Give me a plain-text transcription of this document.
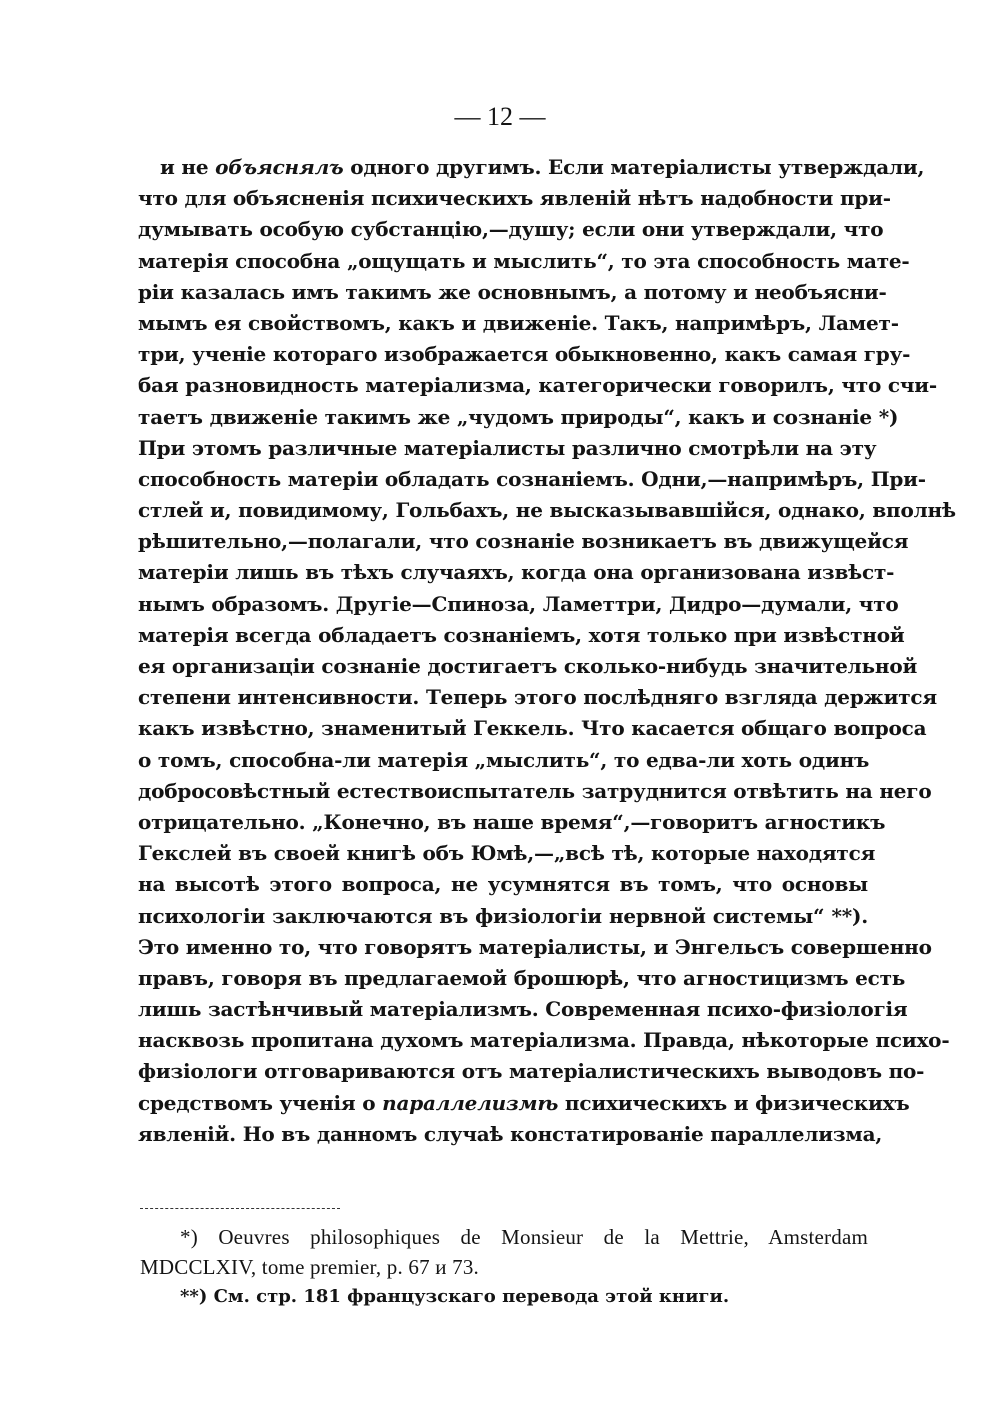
— 12 —
и не объяснялъ одного другимъ. Если матеріалисты утверждали,
что для объясненія психическихъ явленій нѣтъ надобности при-
думывать особую субстанцію,—душу; если они утверждали, что
матерія способна „ощущать и мыслить“, то эта способность мате-
ріи казалась имъ такимъ же основнымъ, а потому и необъясни-
мымъ ея свойствомъ, какъ и движеніе. Такъ, напримѣръ, Ламет-
три, ученіе котораго изображается обыкновенно, какъ самая гру-
бая разновидность матеріализма, категорически говорилъ, что счи-
таетъ движеніе такимъ же „чудомъ природы“, какъ и сознаніе *)
При этомъ различные матеріалисты различно смотрѣли на эту
способность матеріи обладать сознаніемъ. Одни,—напримѣръ, При-
стлей и, повидимому, Гольбахъ, не высказывавшійся, однако, вполнѣ
рѣшительно,—полагали, что сознаніе возникаетъ въ движущейся
матеріи лишь въ тѣхъ случаяхъ, когда она организована извѣст-
нымъ образомъ. Другіе—Спиноза, Ламеттри, Дидро—думали, что
матерія всегда обладаетъ сознаніемъ, хотя только при извѣстной
ея организаціи сознаніе достигаетъ сколько-нибудь значительной
степени интенсивности. Теперь этого послѣдняго взгляда держится
какъ извѣстно, знаменитый Геккель. Что касается общаго вопроса
о томъ, способна-ли матерія „мыслить“, то едва-ли хоть одинъ
добросовѣстный естествоиспытатель затруднится отвѣтить на него
отрицательно. „Конечно, въ наше время“,—говоритъ агностикъ
Гекслей въ своей книгѣ объ Юмѣ,—„всѣ тѣ, которые находятся
на высотѣ этого вопроса, не усумнятся въ томъ, что основы
психологіи заключаются въ физіологіи нервной системы“ **).
Это именно то, что говорятъ матеріалисты, и Энгельсъ совершенно
правъ, говоря въ предлагаемой брошюрѣ, что агностицизмъ есть
лишь застѣнчивый матеріализмъ. Современная психо-физіологія
насквозь пропитана духомъ матеріализма. Правда, нѣкоторые психо-
физіологи отговариваются отъ матеріалистическихъ выводовъ по-
средствомъ ученія о параллелизмѣ психическихъ и физическихъ
явленій. Но въ данномъ случаѣ констатированіе параллелизма,
*) Oeuvres philosophiques de Monsieur de la Mettrie, Amsterdam
MDCCLXIV, tome premier, p. 67 и 73.
**) См. стр. 181 французскаго перевода этой книги.
